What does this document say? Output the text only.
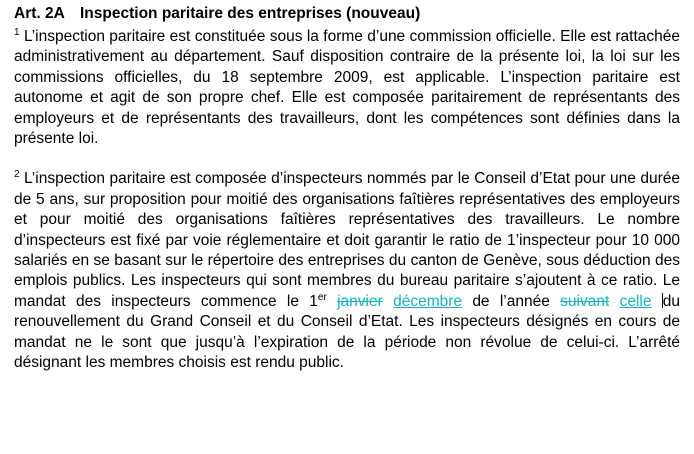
Art. 2A Inspection paritaire des entreprises (nouveau)

$^1$ L’inspection paritaire est constituée sous la forme d’une commission officielle. Elle est rattachée administrativement au département. Sauf disposition contraire de la présente loi, la loi sur les commissions officielles, du 18 septembre 2009, est applicable. L’inspection paritaire est autonome et agit de son propre chef. Elle est composée paritairement de représentants des employeurs et de représentants des travailleurs, dont les compétences sont définies dans la présente loi.

$^2$ L’inspection paritaire est composée d’inspecteurs nommés par le Conseil d’Etat pour une durée de 5 ans, sur proposition pour moitié des organisations faîtières représentatives des employeurs et pour moitié des organisations faîtières représentatives des travailleurs. Le nombre d’inspecteurs est fixé par voie réglementaire et doit garantir le ratio de 1’inspecteur pour 10 000 salariés en se basant sur le répertoire des entreprises du canton de Genève, sous déduction des emplois publics. Les inspecteurs qui sont membres du bureau paritaire s’ajoutent à ce ratio. Le mandat des inspecteurs commence le 1er janvier décembre de l’année suivant celle du renouvellement du Grand Conseil et du Conseil d’Etat. Les inspecteurs désignés en cours de mandat ne le sont que jusqu’à l’expiration de la période non révolue de celui-ci. L’arrêté désignant les membres choisis est rendu public.
